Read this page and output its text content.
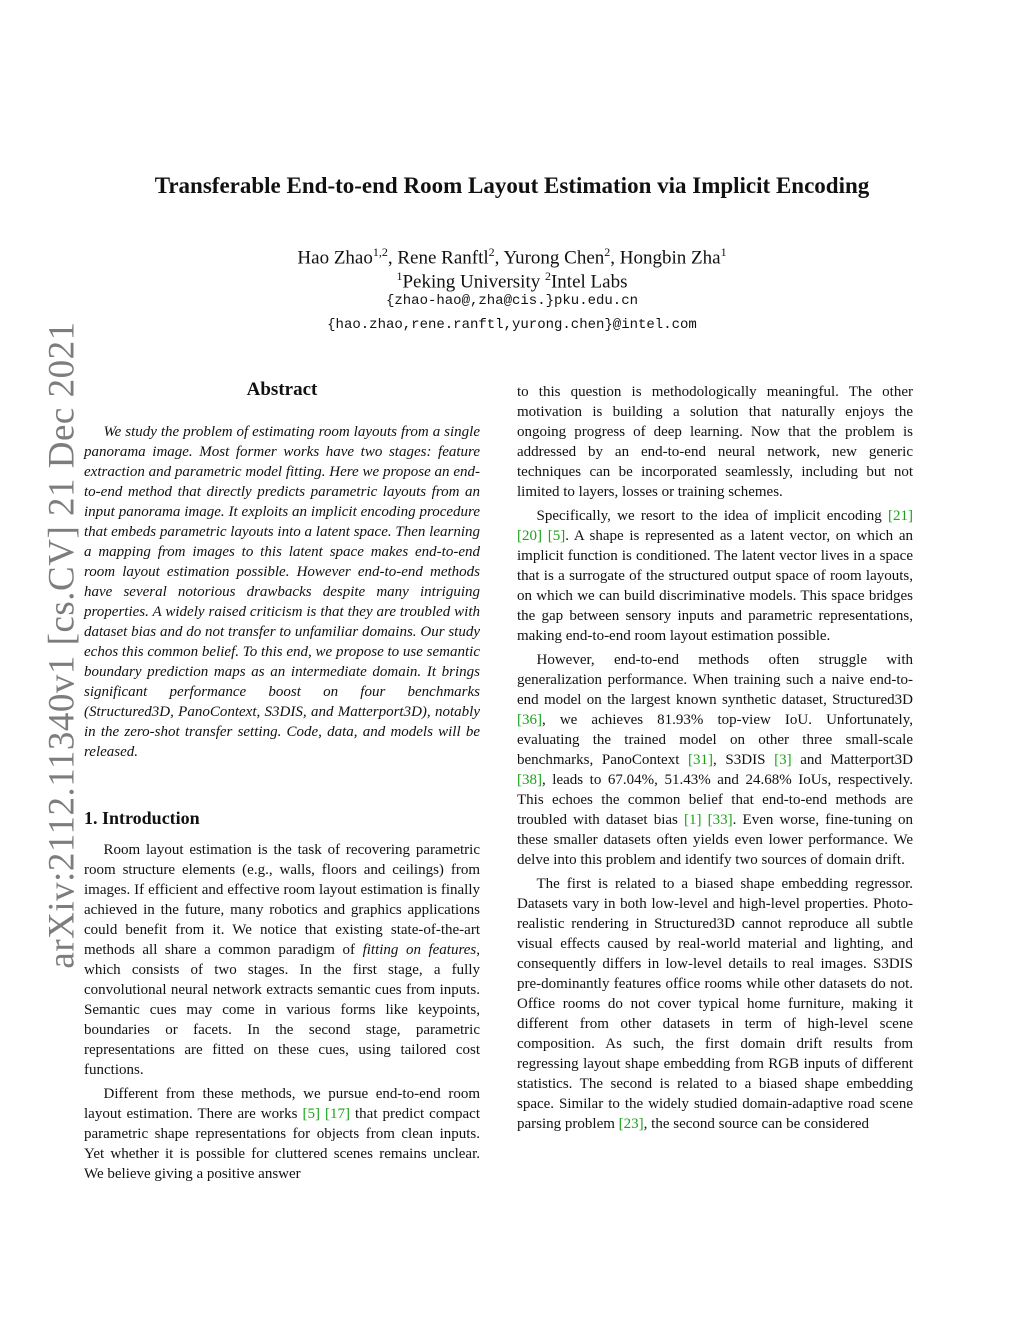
arXiv:2112.11340v1 [cs.CV] 21 Dec 2021
Transferable End-to-end Room Layout Estimation via Implicit Encoding
Hao Zhao$^{1,2}$, Rene Ranftl$^2$, Yurong Chen$^2$, Hongbin Zha$^1$
$^1$Peking University $^2$Intel Labs
{zhao-hao@,zha@cis.}pku.edu.cn
{hao.zhao,rene.ranftl,yurong.chen}@intel.com
Abstract

We study the problem of estimating room layouts from a single panorama image. Most former works have two stages: feature extraction and parametric model fitting. Here we propose an end-to-end method that directly predicts parametric layouts from an input panorama image. It exploits an implicit encoding procedure that embeds parametric layouts into a latent space. Then learning a mapping from images to this latent space makes end-to-end room layout estimation possible. However end-to-end methods have several notorious drawbacks despite many intriguing properties. A widely raised criticism is that they are troubled with dataset bias and do not transfer to unfamiliar domains. Our study echos this common belief. To this end, we propose to use semantic boundary prediction maps as an intermediate domain. It brings significant performance boost on four benchmarks (Structured3D, PanoContext, S3DIS, and Matterport3D), notably in the zero-shot transfer setting. Code, data, and models will be released.

1. Introduction

Room layout estimation is the task of recovering parametric room structure elements (e.g., walls, floors and ceilings) from images. If efficient and effective room layout estimation is finally achieved in the future, many robotics and graphics applications could benefit from it. We notice that existing state-of-the-art methods all share a common paradigm of fitting on features, which consists of two stages. In the first stage, a fully convolutional neural network extracts semantic cues from inputs. Semantic cues may come in various forms like keypoints, boundaries or facets. In the second stage, parametric representations are fitted on these cues, using tailored cost functions.

Different from these methods, we pursue end-to-end room layout estimation. There are works [5] [17] that predict compact parametric shape representations for objects from clean inputs. Yet whether it is possible for cluttered scenes remains unclear. We believe giving a positive answer

to this question is methodologically meaningful. The other motivation is building a solution that naturally enjoys the ongoing progress of deep learning. Now that the problem is addressed by an end-to-end neural network, new generic techniques can be incorporated seamlessly, including but not limited to layers, losses or training schemes.

Specifically, we resort to the idea of implicit encoding [21] [20] [5]. A shape is represented as a latent vector, on which an implicit function is conditioned. The latent vector lives in a space that is a surrogate of the structured output space of room layouts, on which we can build discriminative models. This space bridges the gap between sensory inputs and parametric representations, making end-to-end room layout estimation possible.

However, end-to-end methods often struggle with generalization performance. When training such a naive end-to-end model on the largest known synthetic dataset, Structured3D [36], we achieves 81.93% top-view IoU. Unfortunately, evaluating the trained model on other three small-scale benchmarks, PanoContext [31], S3DIS [3] and Matterport3D [38], leads to 67.04%, 51.43% and 24.68% IoUs, respectively. This echoes the common belief that end-to-end methods are troubled with dataset bias [1] [33]. Even worse, fine-tuning on these smaller datasets often yields even lower performance. We delve into this problem and identify two sources of domain drift.

The first is related to a biased shape embedding regressor. Datasets vary in both low-level and high-level properties. Photo-realistic rendering in Structured3D cannot reproduce all subtle visual effects caused by real-world material and lighting, and consequently differs in low-level details to real images. S3DIS pre-dominantly features office rooms while other datasets do not. Office rooms do not cover typical home furniture, making it different from other datasets in term of high-level scene composition. As such, the first domain drift results from regressing layout shape embedding from RGB inputs of different statistics. The second is related to a biased shape embedding space. Similar to the widely studied domain-adaptive road scene parsing problem [23], the second source can be considered
